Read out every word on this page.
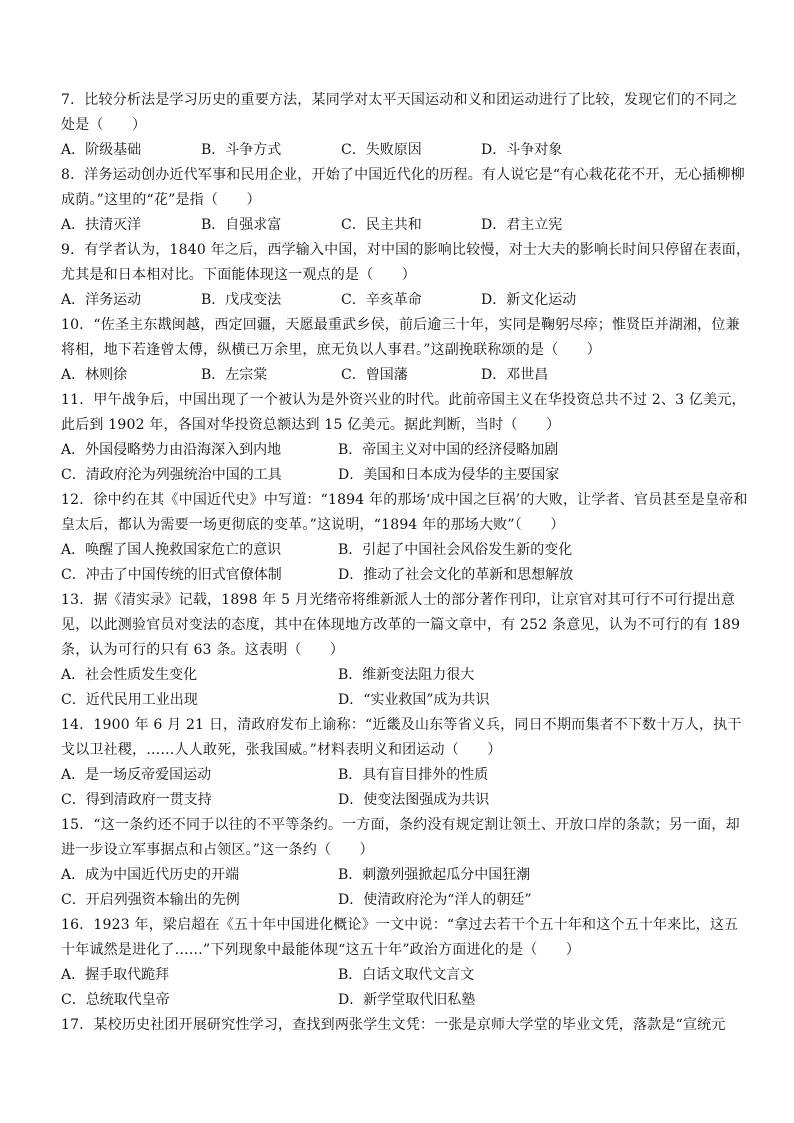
7．比较分析法是学习历史的重要方法，某同学对太平天国运动和义和团运动进行了比较，发现它们的不同之处是（　　）
A．阶级基础	B．斗争方式	C．失败原因	D．斗争对象
8．洋务运动创办近代军事和民用企业，开始了中国近代化的历程。有人说它是“有心栽花花不开，无心插柳柳成荫。”这里的“花”是指（　　）
A．扶清灭洋	B．自强求富	C．民主共和	D．君主立宪
9．有学者认为，1840 年之后，西学输入中国，对中国的影响比较慢，对士大夫的影响长时间只停留在表面，尤其是和日本相对比。下面能体现这一观点的是（　　）
A．洋务运动	B．戊戌变法	C．辛亥革命	D．新文化运动
10．“佐圣主东戡闽越，西定回疆，天愿最重武乡侯，前后逾三十年，实同是鞠躬尽瘁；惟贤臣并湖湘，位兼将相，地下若逢曾太傅，纵横已万余里，庶无负以人事君。”这副挽联称颂的是（　　）
A．林则徐	B．左宗棠	C．曾国藩	D．邓世昌
11．甲午战争后，中国出现了一个被认为是外资兴业的时代。此前帝国主义在华投资总共不过 2、3 亿美元，此后到 1902 年，各国对华投资总额达到 15 亿美元。据此判断，当时（　　）
A．外国侵略势力由沿海深入到内地	B．帝国主义对中国的经济侵略加剧
C．清政府沦为列强统治中国的工具	D．美国和日本成为侵华的主要国家
12．徐中约在其《中国近代史》中写道：“1894 年的那场‘成中国之巨祸’的大败，让学者、官员甚至是皇帝和皇太后，都认为需要一场更彻底的变革。”这说明，“1894 年的那场大败”（　　）
A．唤醒了国人挽救国家危亡的意识	B．引起了中国社会风俗发生新的变化
C．冲击了中国传统的旧式官僚体制	D．推动了社会文化的革新和思想解放
13．据《清实录》记载，1898 年 5 月光绪帝将维新派人士的部分著作刊印，让京官对其可行不可行提出意见，以此测验官员对变法的态度，其中在体现地方改革的一篇文章中，有 252 条意见，认为不可行的有 189 条，认为可行的只有 63 条。这表明（　　）
A．社会性质发生变化	B．维新变法阻力很大
C．近代民用工业出现	D．“实业救国”成为共识
14．1900 年 6 月 21 日，清政府发布上谕称：“近畿及山东等省义兵，同日不期而集者不下数十万人，执干戈以卫社稷，……人人敢死，张我国威。”材料表明义和团运动（　　）
A．是一场反帝爱国运动	B．具有盲目排外的性质
C．得到清政府一贯支持	D．使变法图强成为共识
15．“这一条约还不同于以往的不平等条约。一方面，条约没有规定割让领土、开放口岸的条款；另一面，却进一步设立军事据点和占领区。”这一条约（　　）
A．成为中国近代历史的开端	B．刺激列强掀起瓜分中国狂潮
C．开启列强资本输出的先例	D．使清政府沦为“洋人的朝廷”
16．1923 年，梁启超在《五十年中国进化概论》一文中说：“拿过去若干个五十年和这个五十年来比，这五十年诚然是进化了……”下列现象中最能体现“这五十年”政治方面进化的是（　　）
A．握手取代跪拜	B．白话文取代文言文
C．总统取代皇帝	D．新学堂取代旧私塾
17．某校历史社团开展研究性学习，查找到两张学生文凭：一张是京师大学堂的毕业文凭，落款是“宣统元
